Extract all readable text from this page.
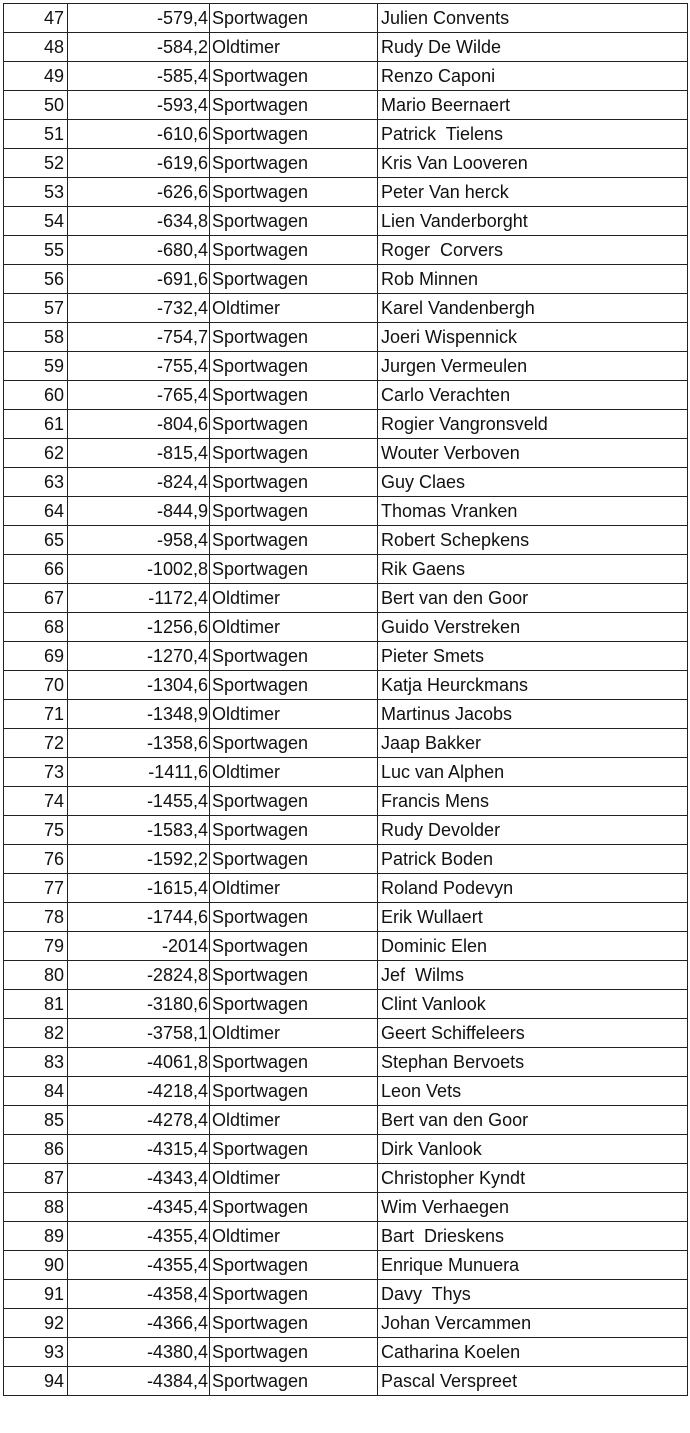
47	-579,4	Sportwagen	Julien Convents
48	-584,2	Oldtimer	Rudy De Wilde
49	-585,4	Sportwagen	Renzo Caponi
50	-593,4	Sportwagen	Mario Beernaert
51	-610,6	Sportwagen	Patrick  Tielens
52	-619,6	Sportwagen	Kris Van Looveren
53	-626,6	Sportwagen	Peter Van herck
54	-634,8	Sportwagen	Lien Vanderborght
55	-680,4	Sportwagen	Roger  Corvers
56	-691,6	Sportwagen	Rob Minnen
57	-732,4	Oldtimer	Karel Vandenbergh
58	-754,7	Sportwagen	Joeri Wispennick
59	-755,4	Sportwagen	Jurgen Vermeulen
60	-765,4	Sportwagen	Carlo Verachten
61	-804,6	Sportwagen	Rogier Vangronsveld
62	-815,4	Sportwagen	Wouter Verboven
63	-824,4	Sportwagen	Guy Claes
64	-844,9	Sportwagen	Thomas Vranken
65	-958,4	Sportwagen	Robert Schepkens
66	-1002,8	Sportwagen	Rik Gaens
67	-1172,4	Oldtimer	Bert van den Goor
68	-1256,6	Oldtimer	Guido Verstreken
69	-1270,4	Sportwagen	Pieter Smets
70	-1304,6	Sportwagen	Katja Heurckmans
71	-1348,9	Oldtimer	Martinus Jacobs
72	-1358,6	Sportwagen	Jaap Bakker
73	-1411,6	Oldtimer	Luc van Alphen
74	-1455,4	Sportwagen	Francis Mens
75	-1583,4	Sportwagen	Rudy Devolder
76	-1592,2	Sportwagen	Patrick Boden
77	-1615,4	Oldtimer	Roland Podevyn
78	-1744,6	Sportwagen	Erik Wullaert
79	-2014	Sportwagen	Dominic Elen
80	-2824,8	Sportwagen	Jef  Wilms
81	-3180,6	Sportwagen	Clint Vanlook
82	-3758,1	Oldtimer	Geert Schiffeleers
83	-4061,8	Sportwagen	Stephan Bervoets
84	-4218,4	Sportwagen	Leon Vets
85	-4278,4	Oldtimer	Bert van den Goor
86	-4315,4	Sportwagen	Dirk Vanlook
87	-4343,4	Oldtimer	Christopher Kyndt
88	-4345,4	Sportwagen	Wim Verhaegen
89	-4355,4	Oldtimer	Bart  Drieskens
90	-4355,4	Sportwagen	Enrique Munuera
91	-4358,4	Sportwagen	Davy  Thys
92	-4366,4	Sportwagen	Johan Vercammen
93	-4380,4	Sportwagen	Catharina Koelen
94	-4384,4	Sportwagen	Pascal Verspreet
